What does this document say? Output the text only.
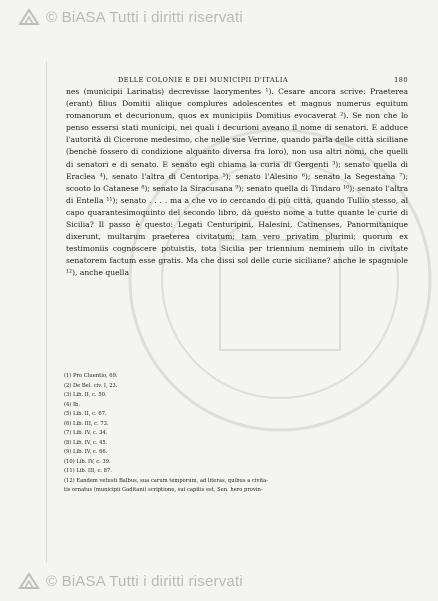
© BiASA Tutti i diritti riservati
DELLE COLONIE E DEI MUNICIPII D'ITALIA	180

nes (municipii Larinatis) decrevisse laorymentes ¹). Cesare ancora scrive: Praeterea (erant) filius Domitii aliique complures adolescentes et magnus numerus equitum romanorum et decurionum, quos ex municipiis Domitius evocaverat ²). Se non che lo penso essersi stati municipi, nei quali i decurioni aveano il nome di senatori. E adduce l'autorità di Cicerone medesimo, che nelle sue Verrine, quando parla delle città siciliane (benchè fossero di condizione alquanto diversa fra loro), non usa altri nomi, che quelli di senatori e di senato. E senato egli chiama la curia di Gergenti ³); senato quella di Eraclea ⁴), senato l'altra di Centoripa ⁵); senato l'Alesino ⁶); senato la Segestana ⁷); scooto lo Catanese ⁸); senato la Siracusana ⁹); senato quella di Tindaro ¹⁰); senato l'altra di Entella ¹¹); senato . . . . ma a che vo io cercando di più città, quando Tullio stesso, al capo quarantesimoquinto del secondo libro, dà questo nome a tutte quante le curie di Sicilia? Il passo è questo: Legati Centuripini, Halesini, Catinenses, Panormitanique dixerunt, multarum praeterea civitatum; tam vero privatim plurimi; quorum ex testimoniis cognoscere potuistis, tota Sicilia per triennium neminem ullo in civitate senatorem factum esse gratis. Ma che dissi sol delle curie siciliane? anche le spagnuole ¹²), anche quella

(1) Pro Cluentio, 69.
(2) De Bel. civ. I, 23.
(3) Lib. II, c. 50.
(4) Ib.
(5) Lib. II, c. 67.
(6) Lib. III, c. 73.
(7) Lib. IV, c. 34.
(8) Lib. IV, c. 45.
(9) Lib. IV, c. 66.
(10) Lib. IV, c. 39.
(11) Lib. III, c. 87.
(12) Eandem vetusti Balbus, sua carum temporum, ad literas, quibus a civita-
tis ornatus (municipii Gaditani) scriptione, sui capitis est, Sen. hero provin-
© BiASA Tutti i diritti riservati
